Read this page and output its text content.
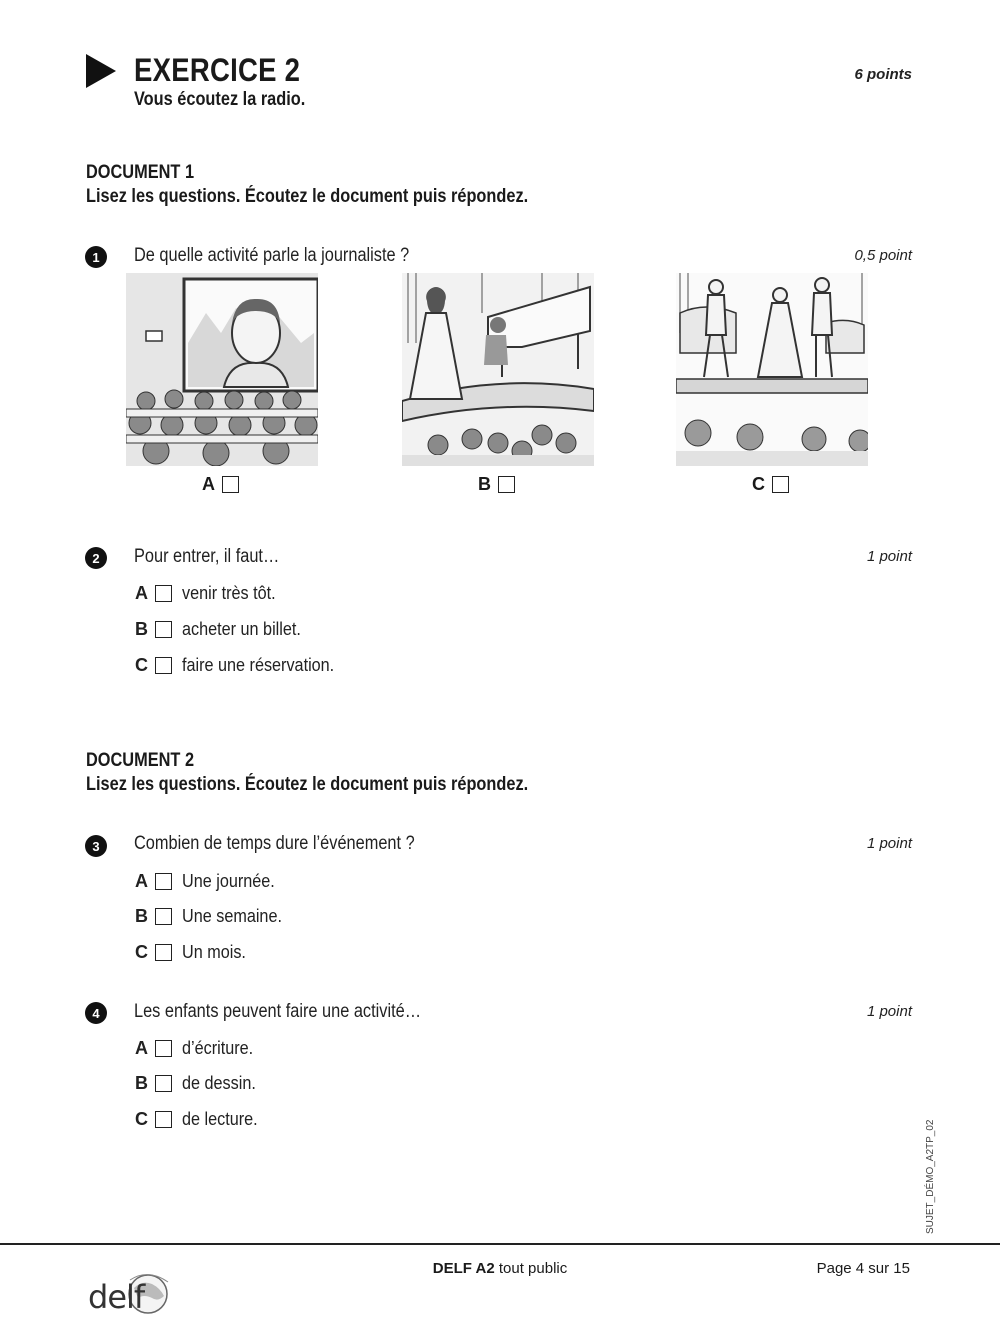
EXERCICE 2
Vous écoutez la radio.
6 points
DOCUMENT 1
Lisez les questions. Écoutez le document puis répondez.
1	De quelle activité parle la journaliste ?	0,5 point
A	B	C
2	Pour entrer, il faut…	1 point
A	venir très tôt.
B	acheter un billet.
C	faire une réservation.
DOCUMENT 2
Lisez les questions. Écoutez le document puis répondez.
3	Combien de temps dure l’événement ?	1 point
A	Une journée.
B	Une semaine.
C	Un mois.
4	Les enfants peuvent faire une activité…	1 point
A	d’écriture.
B	de dessin.
C	de lecture.
SUJET_DÉMO_A2TP_02
delf
DELF A2 tout public	Page 4 sur 15
